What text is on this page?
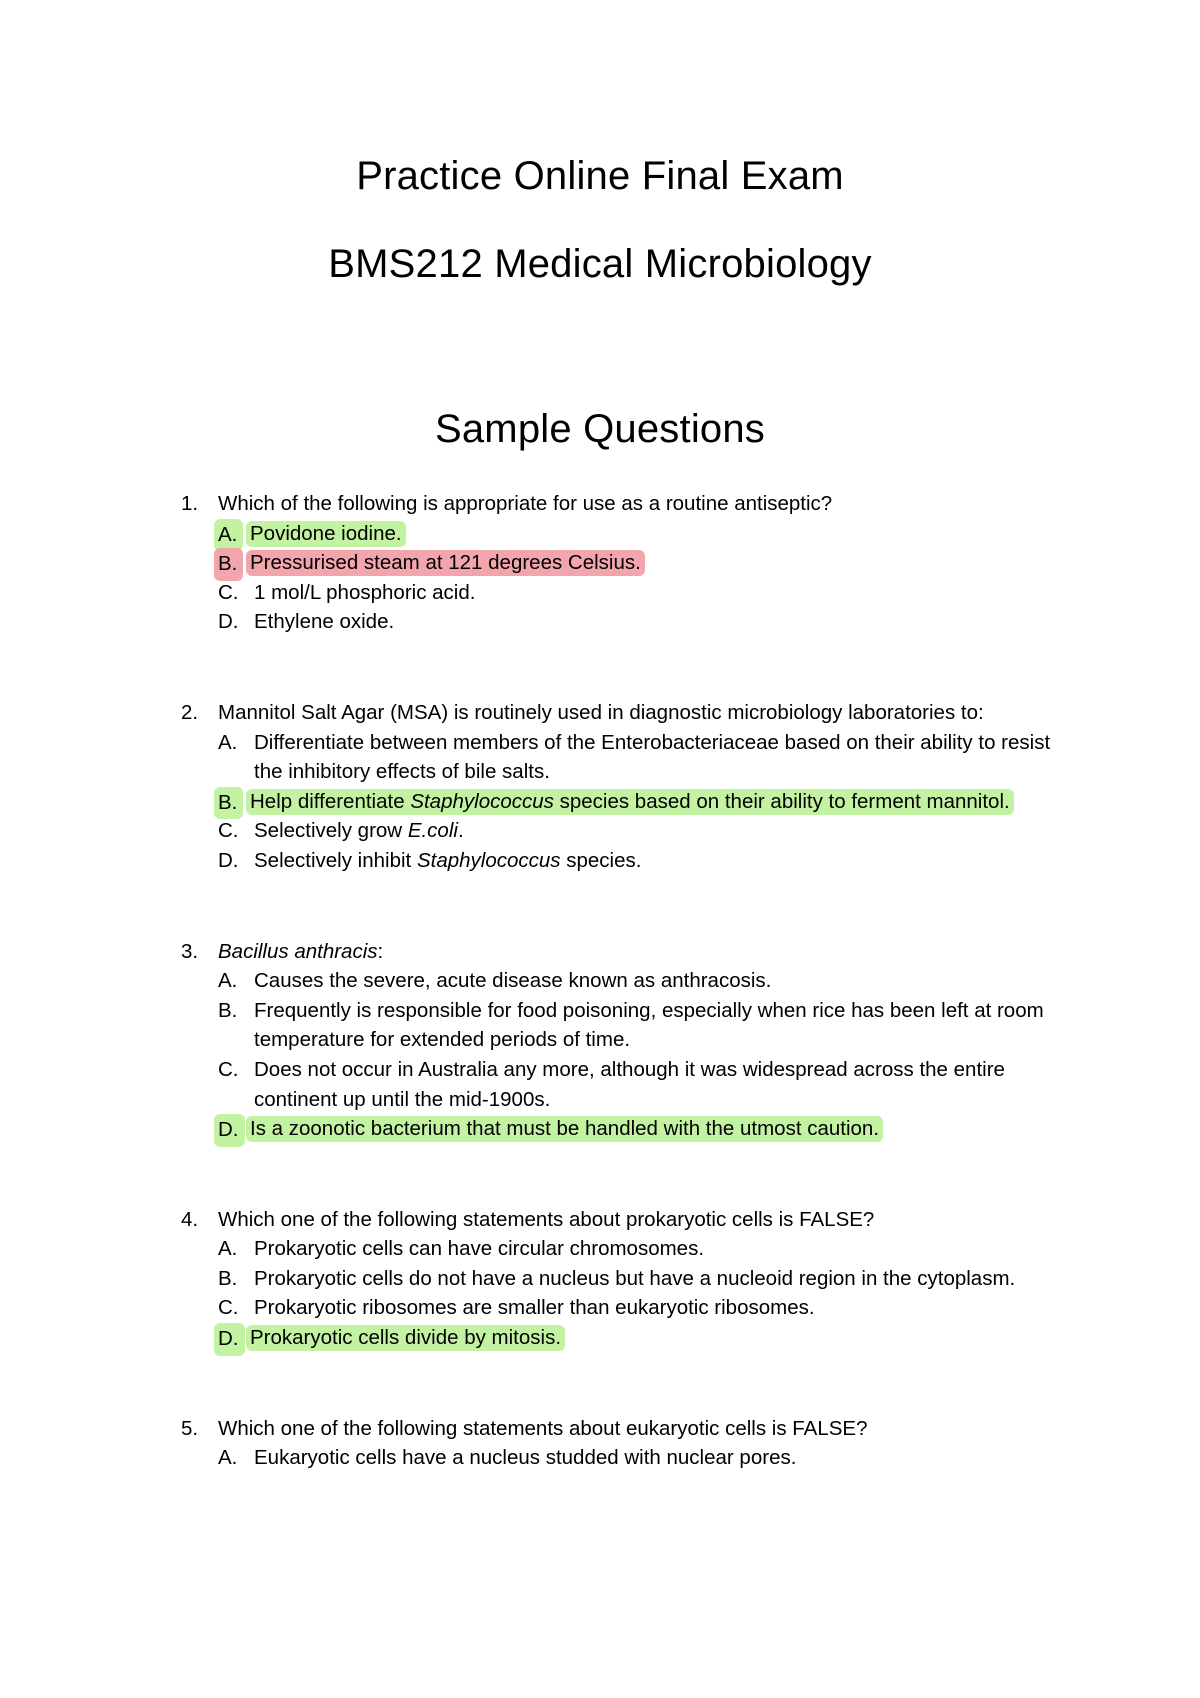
Practice Online Final Exam
BMS212 Medical Microbiology
Sample Questions
1. Which of the following is appropriate for use as a routine antiseptic?
A. Povidone iodine.
B. Pressurised steam at 121 degrees Celsius.
C. 1 mol/L phosphoric acid.
D. Ethylene oxide.
2. Mannitol Salt Agar (MSA) is routinely used in diagnostic microbiology laboratories to:
A. Differentiate between members of the Enterobacteriaceae based on their ability to resist the inhibitory effects of bile salts.
B. Help differentiate Staphylococcus species based on their ability to ferment mannitol.
C. Selectively grow E.coli.
D. Selectively inhibit Staphylococcus species.
3. Bacillus anthracis:
A. Causes the severe, acute disease known as anthracosis.
B. Frequently is responsible for food poisoning, especially when rice has been left at room temperature for extended periods of time.
C. Does not occur in Australia any more, although it was widespread across the entire continent up until the mid-1900s.
D. Is a zoonotic bacterium that must be handled with the utmost caution.
4. Which one of the following statements about prokaryotic cells is FALSE?
A. Prokaryotic cells can have circular chromosomes.
B. Prokaryotic cells do not have a nucleus but have a nucleoid region in the cytoplasm.
C. Prokaryotic ribosomes are smaller than eukaryotic ribosomes.
D. Prokaryotic cells divide by mitosis.
5. Which one of the following statements about eukaryotic cells is FALSE?
A. Eukaryotic cells have a nucleus studded with nuclear pores.
